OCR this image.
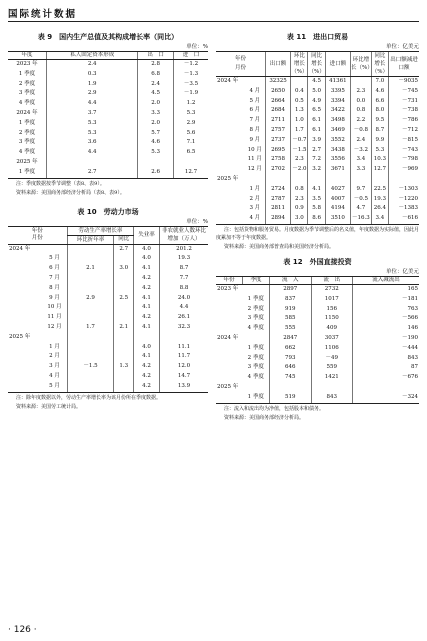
国际统计数据
表 9　国内生产总值及其构成增长率（同比）
单位：%
年度	私人固定资本形成	出　口	进　口
2023 年	2.4	2.8	－1.2
1 季度	0.3	6.8	－1.3
2 季度	1.9	2.4	－3.5
3 季度	2.9	4.5	－1.9
4 季度	4.4	2.0	1.2
2024 年	3.7	3.3	5.3
1 季度	5.3	2.0	2.9
2 季度	5.3	5.7	5.6
3 季度	3.6	4.6	7.1
4 季度	4.4	5.3	6.5
2025 年			
1 季度	2.7	2.6	12.7
注：季度数据按季节调整（表8、表9）。
资料来源：美国商务部经济分析局（表8、表9）。
表 10　劳动力市场
单位：%
年份
月份		劳动生产率增长率		失业率	非农就业人数环比增加（万人）
		环比折年率	同比		
2024 年			2.7	4.0	201.2
	5 月			4.0	19.3
	6 月	2.1	3.0	4.1	8.7
	7 月			4.2	7.7
	8 月			4.2	8.8
	9 月	2.9	2.5	4.1	24.0
	10 月			4.1	4.4
	11 月			4.2	26.1
	12 月	1.7	2.1	4.1	32.3
2025 年					
	1 月			4.0	11.1
	2 月			4.1	11.7
	3 月	－1.5	1.3	4.2	12.0
	4 月			4.2	14.7
	5 月			4.2	13.9
注：除年度数据以外，劳动生产率增长率为该月份所在季度数据。
资料来源：美国劳工统计局。
表 11　进出口贸易
单位：亿美元
年份
月份		出口额	环比增长（%）	同比增长（%）	进口额	环比增长（%）	同比增长（%）	出口额减进口额
2024 年		32325		4.5	41361		7.0	－9035
	4 月	2650	0.4	5.0	3395	2.3	4.6	－745
	5 月	2664	0.5	4.9	3394	0.0	6.6	－731
	6 月	2684	1.3	6.5	3422	0.8	8.0	－738
	7 月	2711	1.0	6.1	3498	2.2	9.5	－786
	8 月	2757	1.7	6.1	3469	－0.8	8.7	－712
	9 月	2737	－0.7	3.9	3552	2.4	9.9	－815
	10 月	2695	－1.5	2.7	3438	－3.2	5.3	－743
	11 月	2758	2.3	7.2	3556	3.4	10.3	－798
	12 月	2702	－2.0	3.2	3671	3.3	12.7	－969
2025 年								
	1 月	2724	0.8	4.1	4027	9.7	22.5	－1303
	2 月	2787	2.3	3.5	4007	－0.5	19.3	－1220
	3 月	2811	0.9	5.8	4194	4.7	26.4	－1383
	4 月	2894	3.0	8.6	3510	－16.3	3.4	－616
注：包括货物和服务贸易。月度数据为季节调整后的名义值，年度数据为实际值，因此月度累加不等于年度数据。
资料来源：美国商务部普查局和美国经济分析局。
表 12　外国直接投资
单位：亿美元
年份	季度	流　入	流　出	流入减流出
2023 年		2897	2732	165
	1 季度	837	1017	－181
	2 季度	919	156	763
	3 季度	585	1150	－566
	4 季度	555	409	146
2024 年		2847	3037	－190
	1 季度	662	1106	－444
	2 季度	793	－49	843
	3 季度	646	559	87
	4 季度	745	1421	－676
2025 年				
	1 季度	519	843	－324
注：流入和流出均为净值，包括股本和债务。
资料来源：美国商务部经济分析局。
· 126 ·
